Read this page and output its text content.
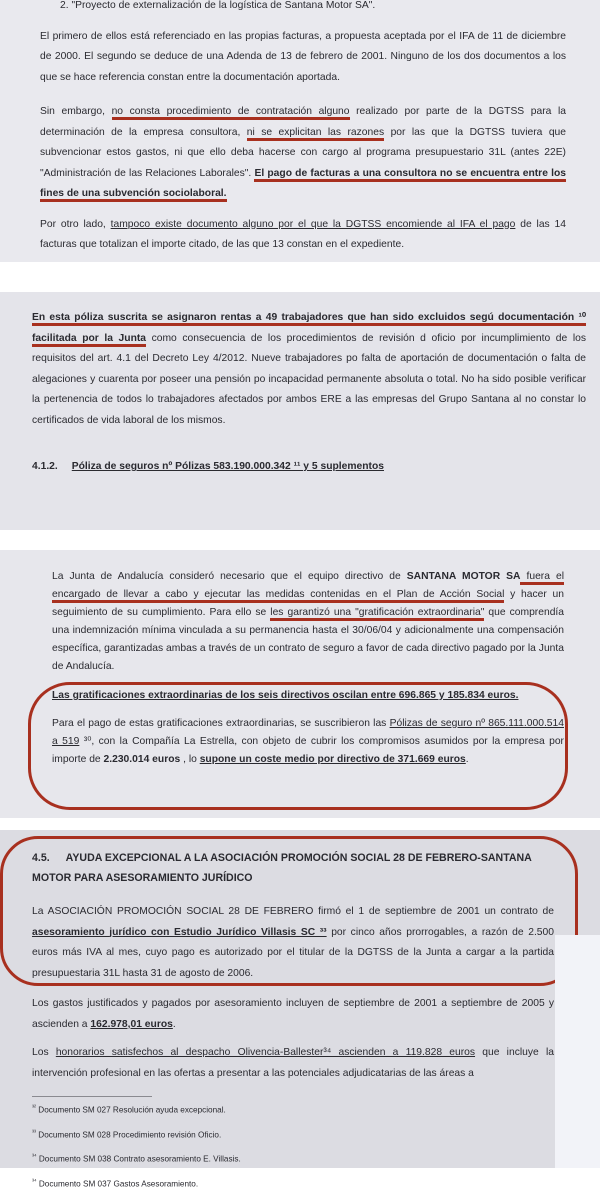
2. "Proyecto de externalización de la logística de Santana Motor SA".

El primero de ellos está referenciado en las propias facturas, a propuesta aceptada por el IFA de 11 de diciembre de 2000. El segundo se deduce de una Adenda de 13 de febrero de 2001. Ninguno de los dos documentos a los que se hace referencia constan entre la documentación aportada.

Sin embargo, no consta procedimiento de contratación alguno realizado por parte de la DGTSS para la determinación de la empresa consultora, ni se explicitan las razones por las que la DGTSS tuviera que subvencionar estos gastos, ni que ello deba hacerse con cargo al programa presupuestario 31L (antes 22E) "Administración de las Relaciones Laborales". El pago de facturas a una consultora no se encuentra entre los fines de una subvención sociolaboral.

Por otro lado, tampoco existe documento alguno por el que la DGTSS encomiende al IFA el pago de las 14 facturas que totalizan el importe citado, de las que 13 constan en el expediente.

En esta póliza suscrita se asignaron rentas a 49 trabajadores que han sido excluidos segú documentación ¹⁰ facilitada por la Junta como consecuencia de los procedimientos de revisión d oficio por incumplimiento de los requisitos del art. 4.1 del Decreto Ley 4/2012. Nueve trabajadores po falta de aportación de documentación o falta de alegaciones y cuarenta por poseer una pensión po incapacidad permanente absoluta o total. No ha sido posible verificar la pertenencia de todos lo trabajadores afectados por ambos ERE a las empresas del Grupo Santana al no constar lo certificados de vida laboral de los mismos.

4.1.2. Póliza de seguros nº Pólizas 583.190.000.342 ¹¹ y 5 suplementos

La Junta de Andalucía consideró necesario que el equipo directivo de SANTANA MOTOR SA fuera el encargado de llevar a cabo y ejecutar las medidas contenidas en el Plan de Acción Social y hacer un seguimiento de su cumplimiento. Para ello se les garantizó una "gratificación extraordinaria" que comprendía una indemnización mínima vinculada a su permanencia hasta el 30/06/04 y adicionalmente una compensación específica, garantizadas ambas a través de un contrato de seguro a favor de cada directivo pagado por la Junta de Andalucía.

Las gratificaciones extraordinarias de los seis directivos oscilan entre 696.865 y 185.834 euros.

Para el pago de estas gratificaciones extraordinarias, se suscribieron las Pólizas de seguro nº 865.111.000.514 a 519 ³⁰, con la Compañía La Estrella, con objeto de cubrir los compromisos asumidos por la empresa por importe de 2.230.014 euros , lo supone un coste medio por directivo de 371.669 euros.

4.5. AYUDA EXCEPCIONAL A LA ASOCIACIÓN PROMOCIÓN SOCIAL 28 DE FEBRERO-SANTANA MOTOR PARA ASESORAMIENTO JURÍDICO

La ASOCIACIÓN PROMOCIÓN SOCIAL 28 DE FEBRERO firmó el 1 de septiembre de 2001 un contrato de asesoramiento jurídico con Estudio Jurídico Villasis SC ³³ por cinco años prorrogables, a razón de 2.500 euros más IVA al mes, cuyo pago es autorizado por el titular de la DGTSS de la Junta a cargar a la partida presupuestaria 31L hasta 31 de agosto de 2006.

Los gastos justificados y pagados por asesoramiento incluyen de septiembre de 2001 a septiembre de 2005 y ascienden a 162.978,01 euros.

Los honorarios satisfechos al despacho Olivencia-Ballester³⁴ ascienden a 119.828 euros que incluye la intervención profesional en las ofertas a presentar a las potenciales adjudicatarias de las áreas a

$^{^{32}}$ Documento SM 027 Resolución ayuda excepcional.

$^{^{33}}$ Documento SM 028 Procedimiento revisión Oficio.

$^{^{34}}$ Documento SM 038 Contrato asesoramiento E. Villasis.

$^{^{34}}$ Documento SM 037 Gastos Asesoramiento.
